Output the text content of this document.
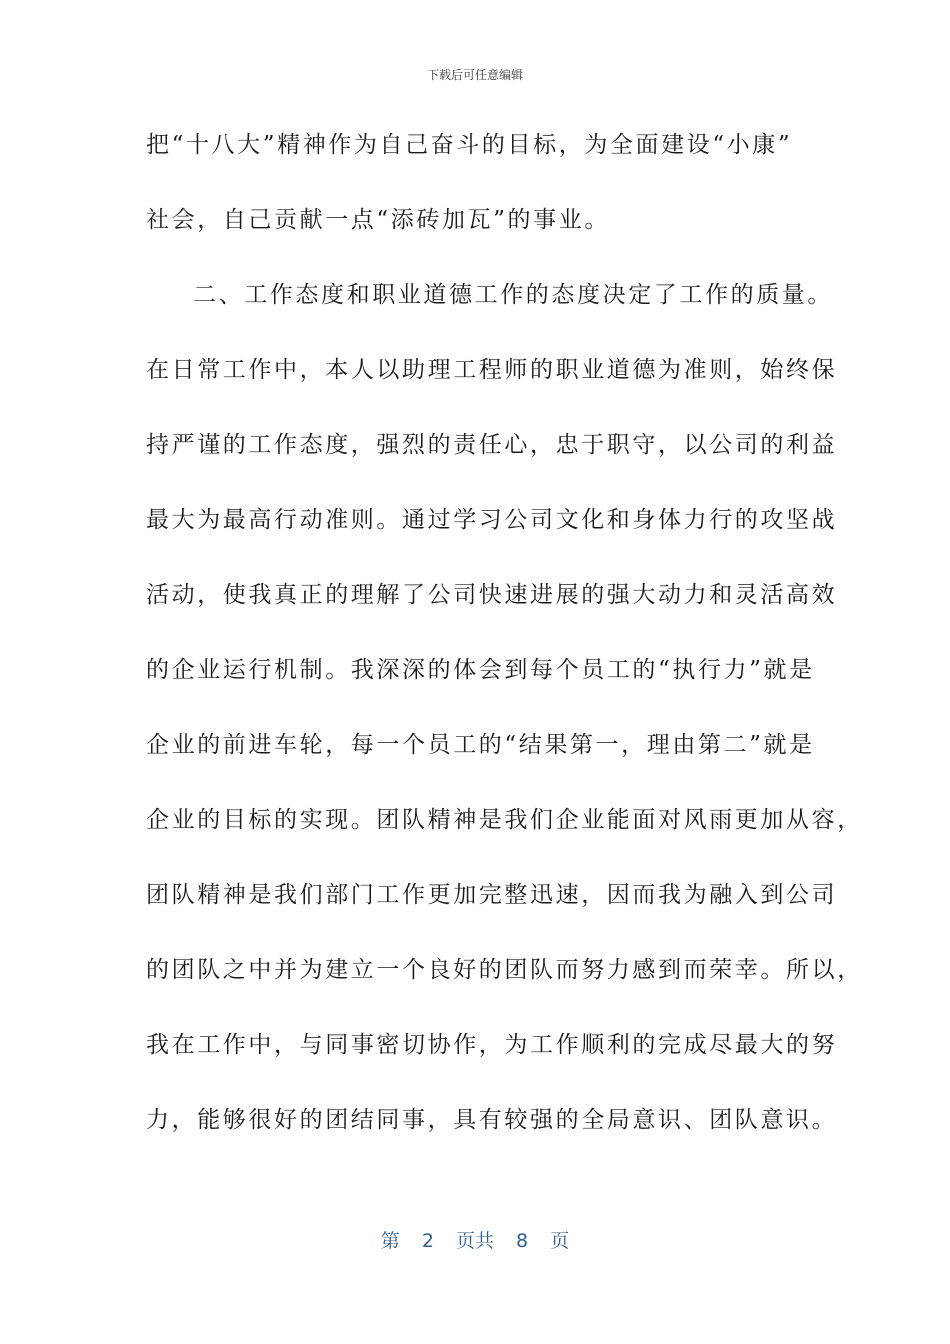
下载后可任意编辑
把“十八大”精神作为自己奋斗的目标，为全面建设“小康”
社会，自己贡献一点“添砖加瓦”的事业。
二、工作态度和职业道德工作的态度决定了工作的质量。
在日常工作中，本人以助理工程师的职业道德为准则，始终保
持严谨的工作态度，强烈的责任心，忠于职守，以公司的利益
最大为最高行动准则。通过学习公司文化和身体力行的攻坚战
活动，使我真正的理解了公司快速进展的强大动力和灵活高效
的企业运行机制。我深深的体会到每个员工的“执行力”就是
企业的前进车轮，每一个员工的“结果第一，理由第二”就是
企业的目标的实现。团队精神是我们企业能面对风雨更加从容，
团队精神是我们部门工作更加完整迅速，因而我为融入到公司
的团队之中并为建立一个良好的团队而努力感到而荣幸。所以，
我在工作中，与同事密切协作，为工作顺利的完成尽最大的努
力，能够很好的团结同事，具有较强的全局意识、团队意识。
第 2 页共 8 页
